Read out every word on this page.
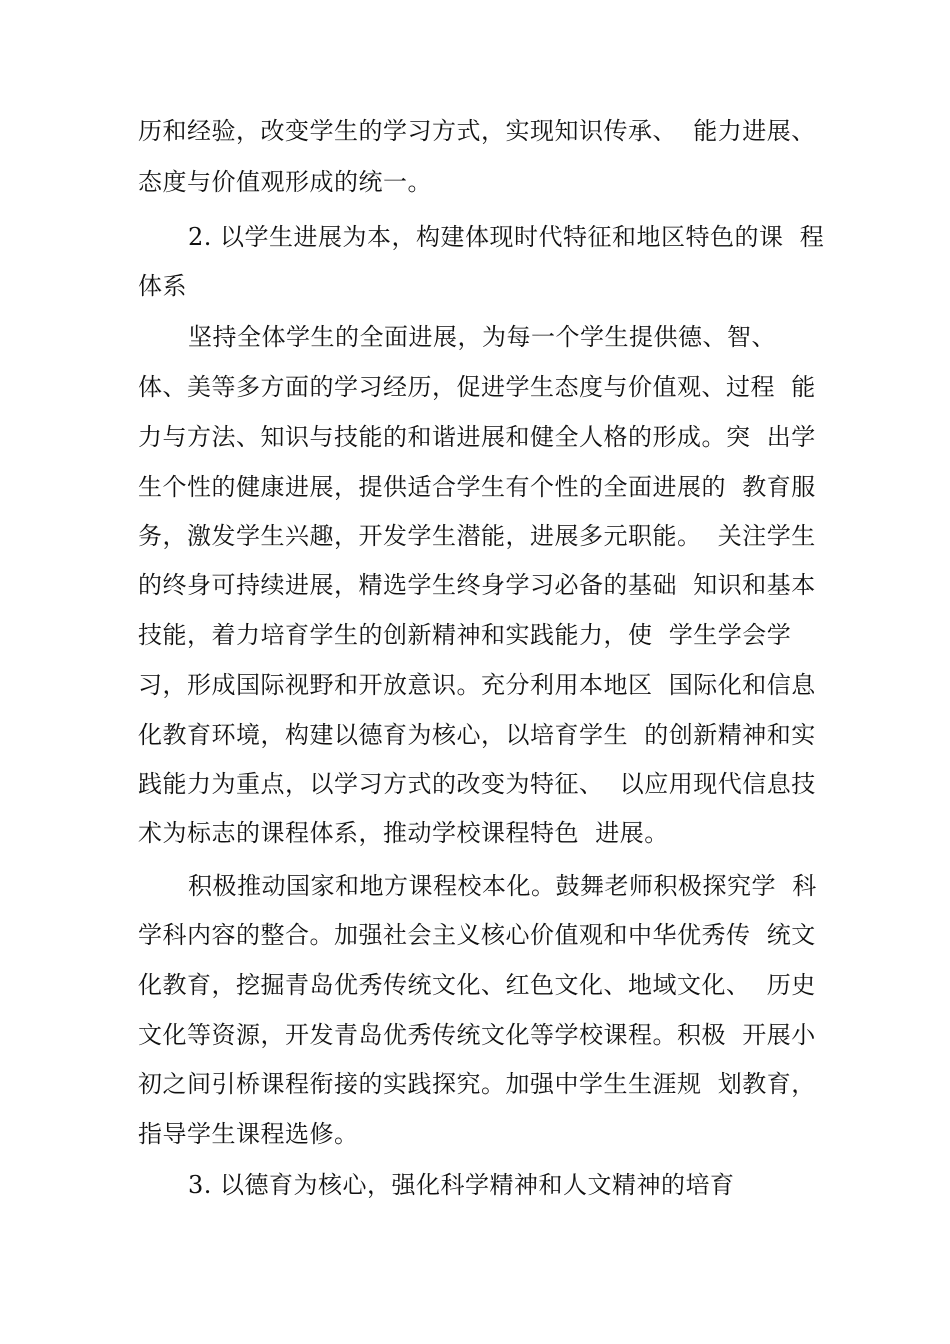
历和经验，改变学生的学习方式，实现知识传承、  能力进展、
态度与价值观形成的统一。
2. 以学生进展为本，构建体现时代特征和地区特色的课  程
体系
坚持全体学生的全面进展，为每一个学生提供德、智、
体、美等多方面的学习经历，促进学生态度与价值观、过程  能
力与方法、知识与技能的和谐进展和健全人格的形成。突  出学
生个性的健康进展，提供适合学生有个性的全面进展的  教育服
务，激发学生兴趣，开发学生潜能，进展多元职能。  关注学生
的终身可持续进展，精选学生终身学习必备的基础  知识和基本
技能，着力培育学生的创新精神和实践能力，使  学生学会学
习，形成国际视野和开放意识。充分利用本地区  国际化和信息
化教育环境，构建以德育为核心，以培育学生  的创新精神和实
践能力为重点，以学习方式的改变为特征、  以应用现代信息技
术为标志的课程体系，推动学校课程特色  进展。
积极推动国家和地方课程校本化。鼓舞老师积极探究学  科
学科内容的整合。加强社会主义核心价值观和中华优秀传  统文
化教育，挖掘青岛优秀传统文化、红色文化、地域文化、  历史
文化等资源，开发青岛优秀传统文化等学校课程。积极  开展小
初之间引桥课程衔接的实践探究。加强中学生生涯规  划教育，
指导学生课程选修。
3. 以德育为核心，强化科学精神和人文精神的培育
